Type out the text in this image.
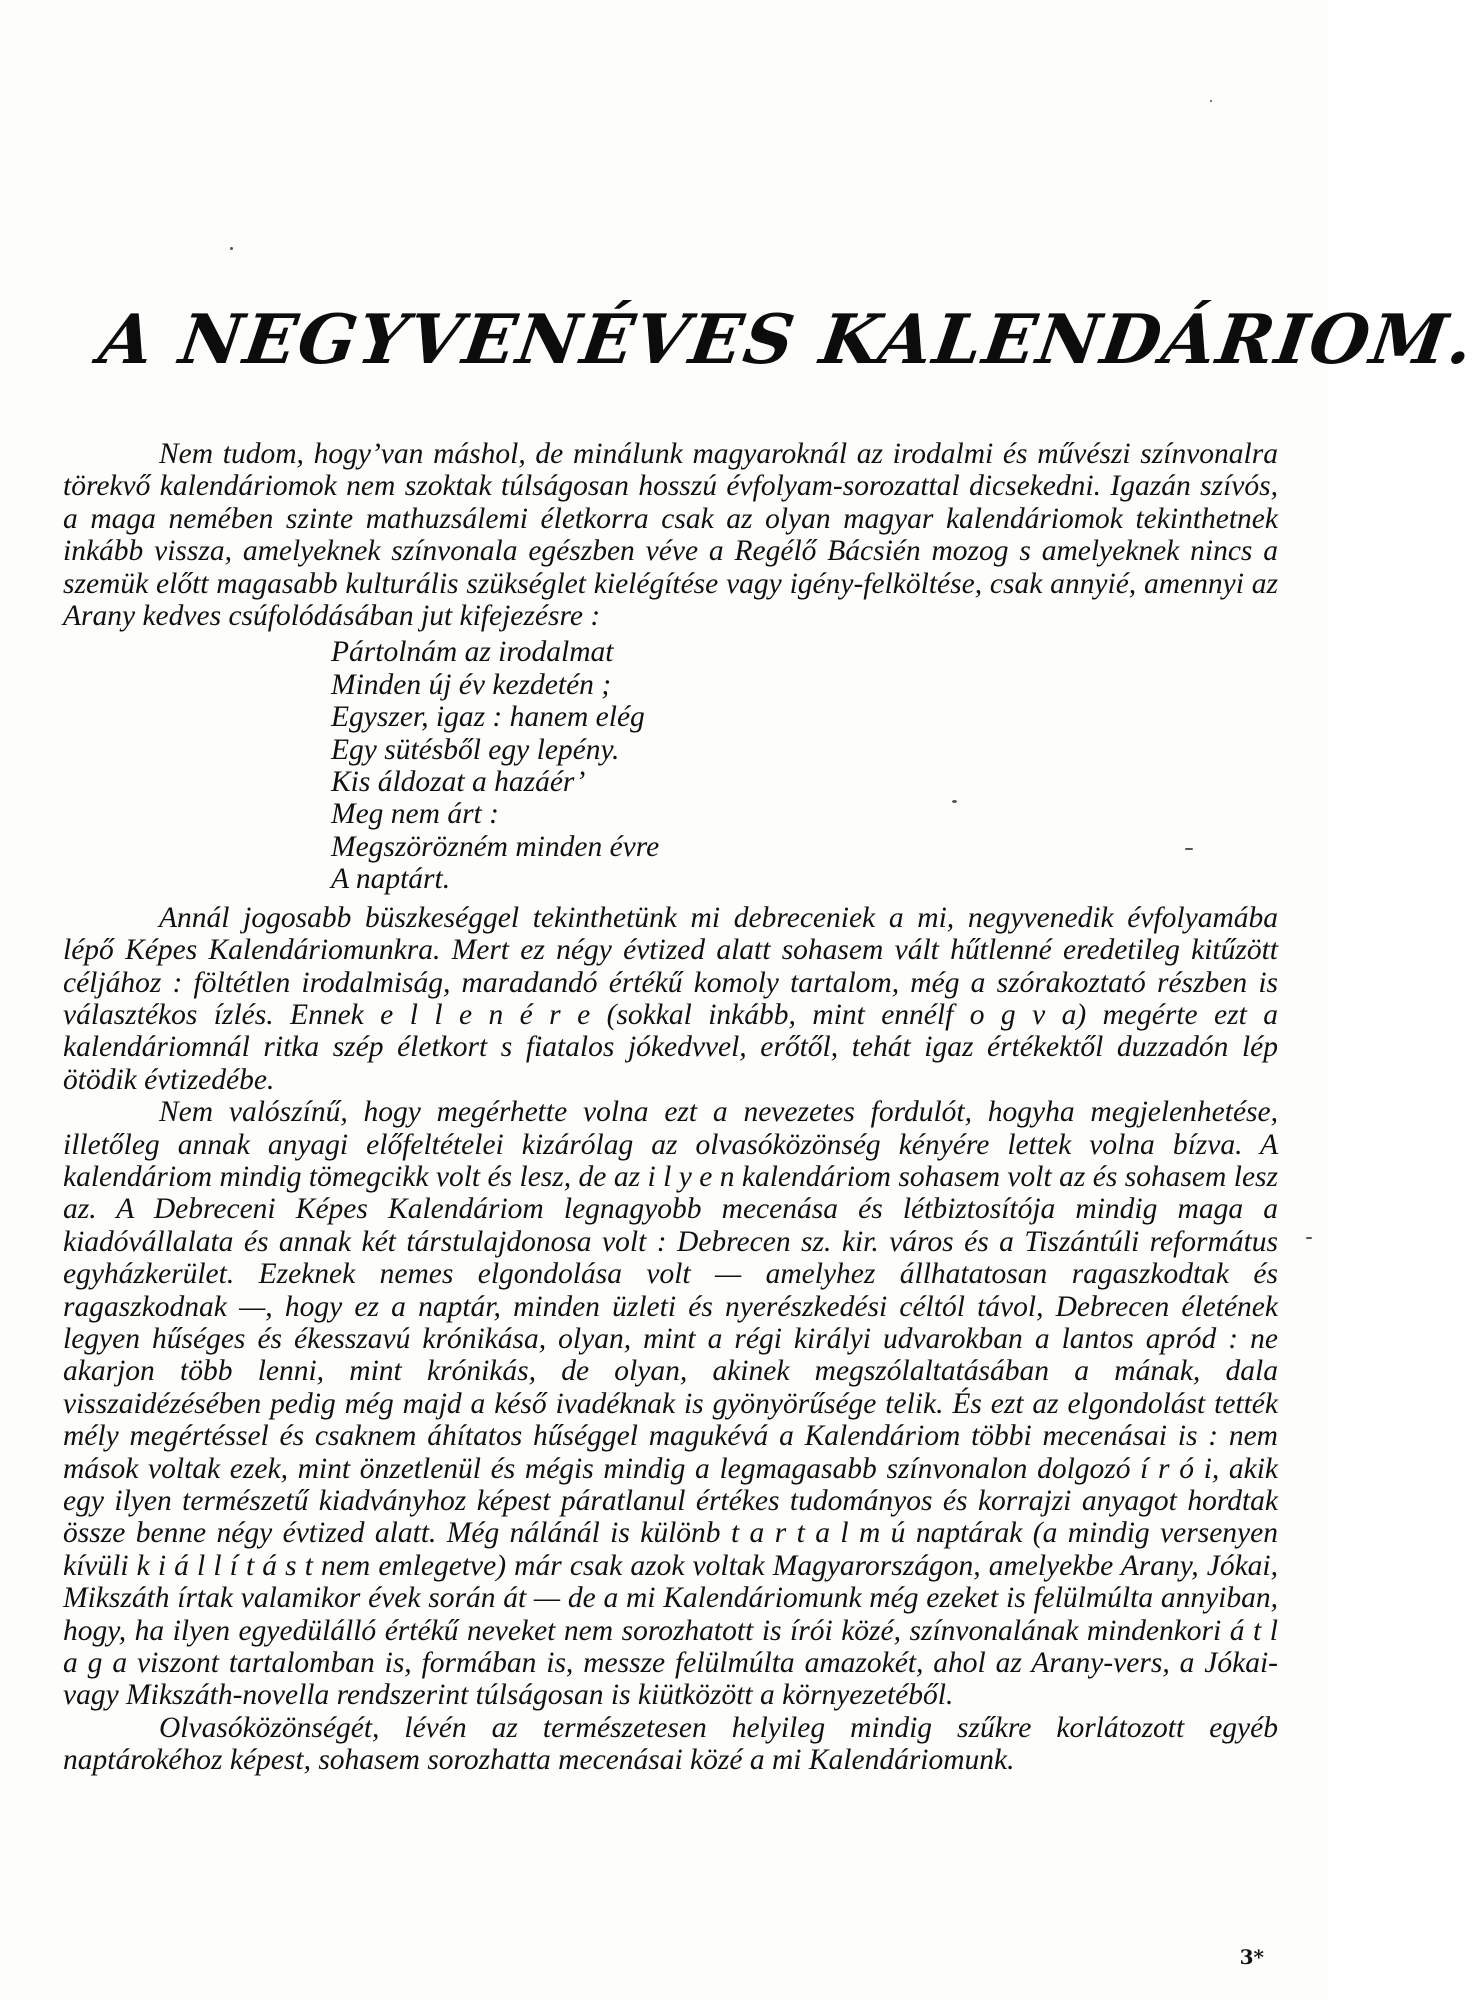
A NEGYVENÉVES KALENDÁRIOM.

Nem tudom, hogy’van máshol, de minálunk magyaroknál az irodalmi és művészi színvonalra törekvő kalendáriomok nem szoktak túlságosan hosszú évfolyam-sorozattal dicsekedni. Igazán szívós, a maga nemében szinte mathuzsálemi életkorra csak az olyan magyar kalendáriomok tekinthetnek inkább vissza, amelyeknek színvonala egészben véve a Regélő Bácsién mozog s amelyeknek nincs a szemük előtt magasabb kulturális szükséglet kielégítése vagy igény-felköltése, csak annyié, amennyi az Arany kedves csúfolódásában jut kifejezésre :

Pártolnám az irodalmat
Minden új év kezdetén ;
Egyszer, igaz : hanem elég
Egy sütésből egy lepény.
Kis áldozat a hazáér’
Meg nem árt :
Megszörözném minden évre
A naptárt.

Annál jogosabb büszkeséggel tekinthetünk mi debreceniek a mi, negyvenedik évfolyamába lépő Képes Kalendáriomunkra. Mert ez négy évtized alatt sohasem vált hűtlenné eredetileg kitűzött céljához : föltétlen irodalmiság, maradandó értékű komoly tartalom, még a szórakoztató részben is választékos ízlés. Ennek e l l e n é r e (sokkal inkább, mint ennélf o g v a) megérte ezt a kalendáriomnál ritka szép életkort s fiatalos jókedvvel, erőtől, tehát igaz értékektől duzzadón lép ötödik évtizedébe.

Nem valószínű, hogy megérhette volna ezt a nevezetes fordulót, hogyha megjelenhetése, illetőleg annak anyagi előfeltételei kizárólag az olvasóközönség kényére lettek volna bízva. A kalendáriom mindig tömegcikk volt és lesz, de az i l y e n kalendáriom sohasem volt az és sohasem lesz az. A Debreceni Képes Kalendáriom legnagyobb mecenása és létbiztosítója mindig maga a kiadóvállalata és annak két társtulajdonosa volt : Debrecen sz. kir. város és a Tiszántúli református egyházkerület. Ezeknek nemes elgondolása volt — amelyhez állhatatosan ragaszkodtak és ragaszkodnak —, hogy ez a naptár, minden üzleti és nyerészkedési céltól távol, Debrecen életének legyen hűséges és ékesszavú krónikása, olyan, mint a régi királyi udvarokban a lantos apród : ne akarjon több lenni, mint krónikás, de olyan, akinek megszólaltatásában a mának, dala visszaidézésében pedig még majd a késő ivadéknak is gyönyörűsége telik. És ezt az elgondolást tették mély megértéssel és csaknem áhítatos hűséggel magukévá a Kalendáriom többi mecenásai is : nem mások voltak ezek, mint önzetlenül és mégis mindig a legmagasabb színvonalon dolgozó í r ó i, akik egy ilyen természetű kiadványhoz képest páratlanul értékes tudományos és korrajzi anyagot hordtak össze benne négy évtized alatt. Még nálánál is különb t a r t a l m ú naptárak (a mindig versenyen kívüli k i á l l í t á s t nem emlegetve) már csak azok voltak Magyarországon, amelyekbe Arany, Jókai, Mikszáth írtak valamikor évek során át — de a mi Kalendáriomunk még ezeket is felülmúlta annyiban, hogy, ha ilyen egyedülálló értékű neveket nem sorozhatott is írói közé, színvonalának mindenkori á t l a g a viszont tartalomban is, formában is, messze felülmúlta amazokét, ahol az Arany-vers, a Jókai- vagy Mikszáth-novella rendszerint túlságosan is kiütközött a környezetéből.

Olvasóközönségét, lévén az természetesen helyileg mindig szűkre korlátozott egyéb naptárokéhoz képest, sohasem sorozhatta mecenásai közé a mi Kalendáriomunk.

3*
